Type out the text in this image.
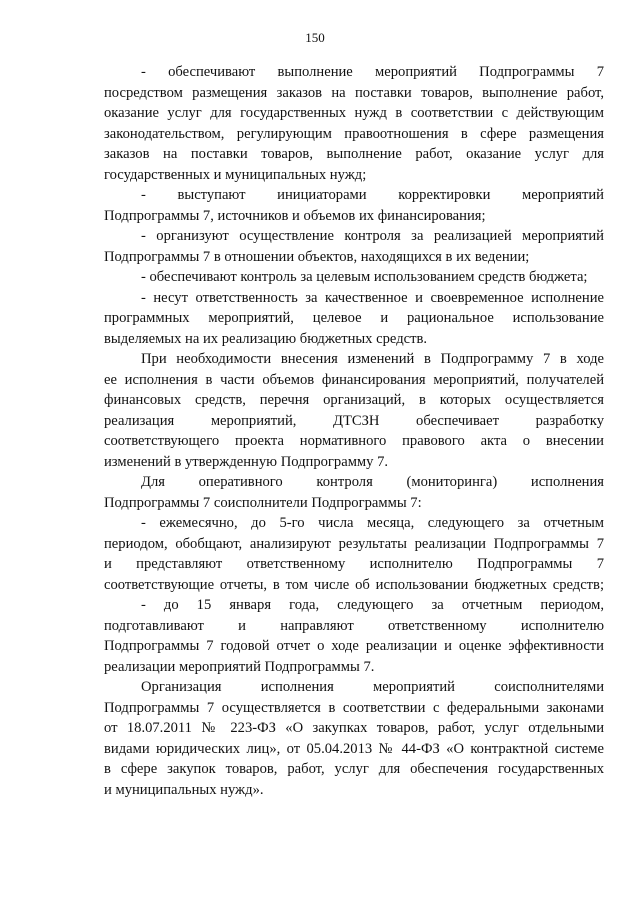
150
- обеспечивают выполнение мероприятий Подпрограммы 7
посредством размещения заказов на поставки товаров, выполнение работ,
оказание услуг для государственных нужд в соответствии с действующим
законодательством, регулирующим правоотношения в сфере размещения
заказов на поставки товаров, выполнение работ, оказание услуг для
государственных и муниципальных нужд;
- выступают инициаторами корректировки мероприятий
Подпрограммы 7, источников и объемов их финансирования;
- организуют осуществление контроля за реализацией мероприятий
Подпрограммы 7 в отношении объектов, находящихся в их ведении;
- обеспечивают контроль за целевым использованием средств бюджета;
- несут ответственность за качественное и своевременное исполнение
программных мероприятий, целевое и рациональное использование
выделяемых на их реализацию бюджетных средств.
При необходимости внесения изменений в Подпрограмму 7 в ходе
ее исполнения в части объемов финансирования мероприятий, получателей
финансовых средств, перечня организаций, в которых осуществляется
реализация мероприятий, ДТСЗН обеспечивает разработку
соответствующего проекта нормативного правового акта о внесении
изменений в утвержденную Подпрограмму 7.
Для оперативного контроля (мониторинга) исполнения
Подпрограммы 7 соисполнители Подпрограммы 7:
- ежемесячно, до 5-го числа месяца, следующего за отчетным
периодом, обобщают, анализируют результаты реализации Подпрограммы 7
и представляют ответственному исполнителю Подпрограммы 7
соответствующие отчеты, в том числе об использовании бюджетных средств;
- до 15 января года, следующего за отчетным периодом,
подготавливают и направляют ответственному исполнителю
Подпрограммы 7 годовой отчет о ходе реализации и оценке эффективности
реализации мероприятий Подпрограммы 7.
Организация исполнения мероприятий соисполнителями
Подпрограммы 7 осуществляется в соответствии с федеральными законами
от 18.07.2011 № 223-ФЗ «О закупках товаров, работ, услуг отдельными
видами юридических лиц», от 05.04.2013 № 44-ФЗ «О контрактной системе
в сфере закупок товаров, работ, услуг для обеспечения государственных
и муниципальных нужд».
